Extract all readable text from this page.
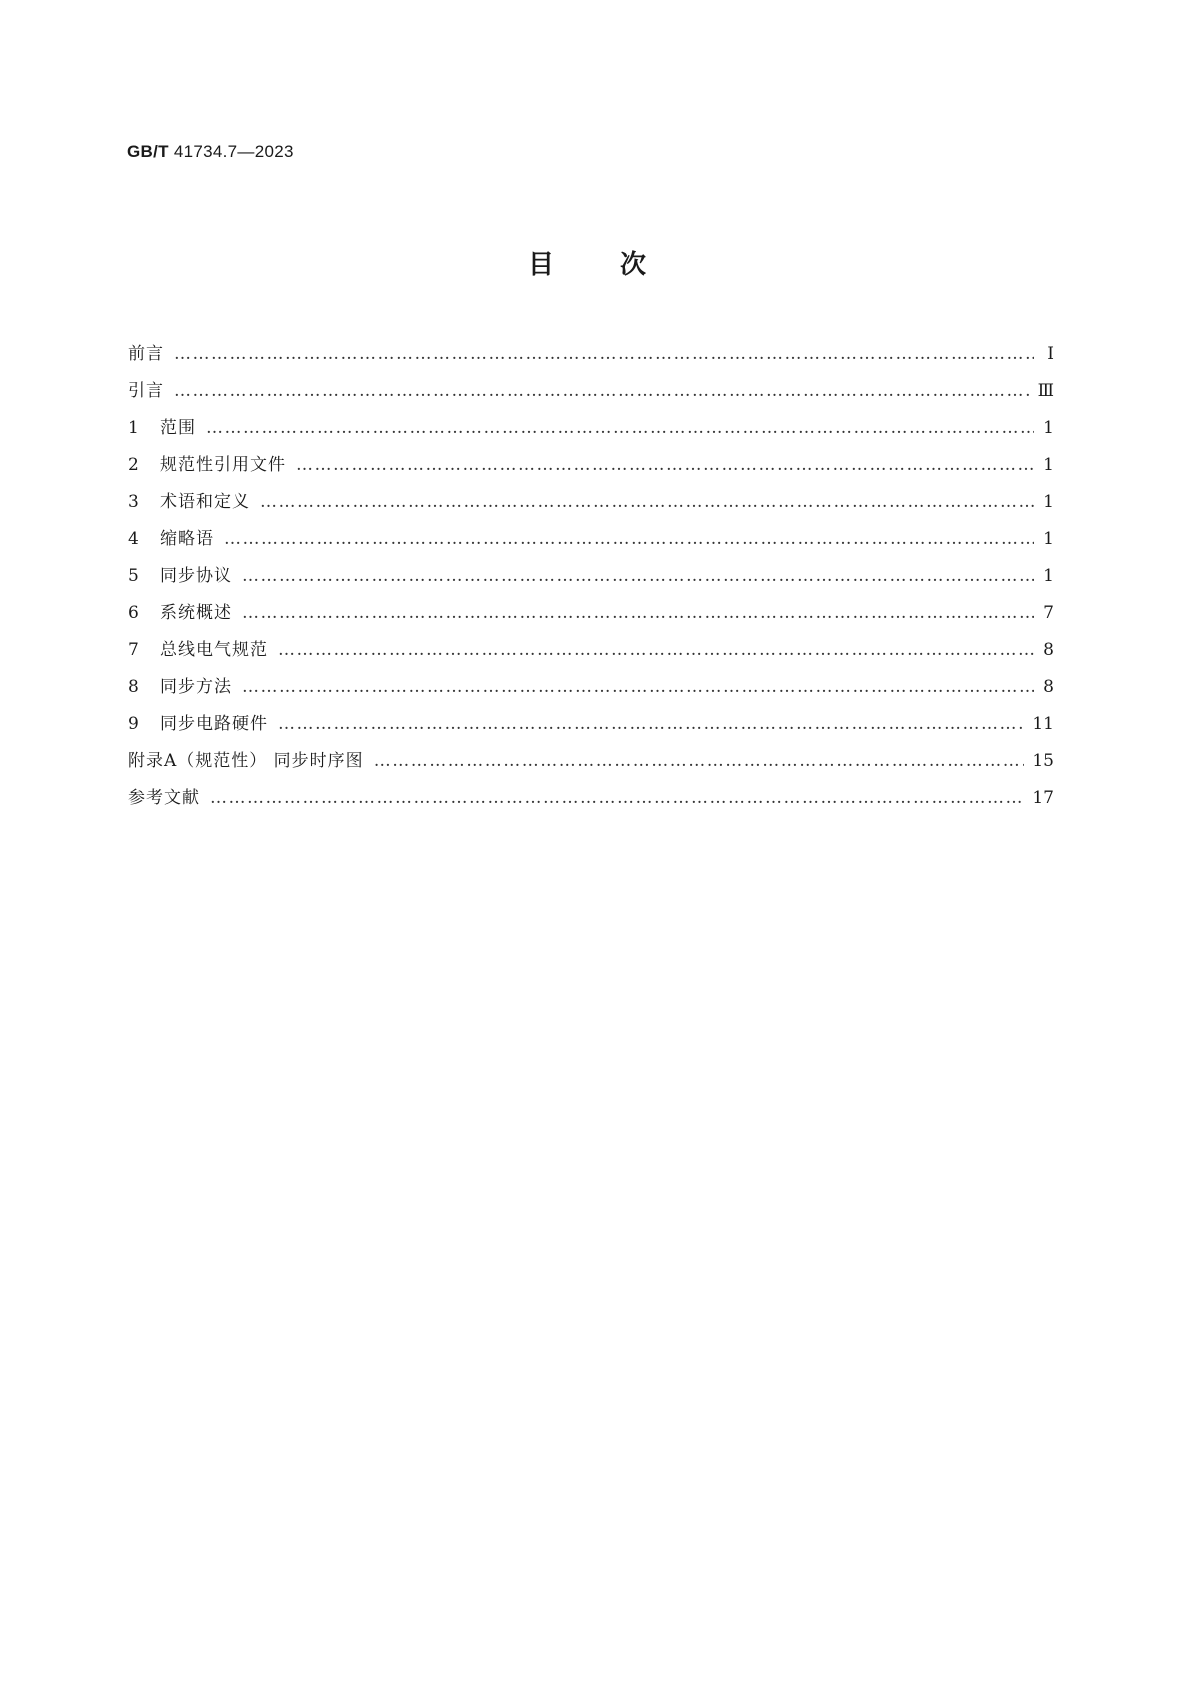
GB/T 41734.7—2023
目次
前言 ………………………………………………………………………………………………………………………………………………………………………………………………………………………………………………	Ⅰ
引言 ………………………………………………………………………………………………………………………………………………………………………………………………………………………………………………	Ⅲ
1	范围 ………………………………………………………………………………………………………………………………………………………………………………………………………………………………………………	1
2	规范性引用文件 ………………………………………………………………………………………………………………………………………………………………………………………………………………………………………………	1
3	术语和定义 ………………………………………………………………………………………………………………………………………………………………………………………………………………………………………………	1
4	缩略语 ………………………………………………………………………………………………………………………………………………………………………………………………………………………………………………	1
5	同步协议 ………………………………………………………………………………………………………………………………………………………………………………………………………………………………………………	1
6	系统概述 ………………………………………………………………………………………………………………………………………………………………………………………………………………………………………………	7
7	总线电气规范 ………………………………………………………………………………………………………………………………………………………………………………………………………………………………………………	8
8	同步方法 ………………………………………………………………………………………………………………………………………………………………………………………………………………………………………………	8
9	同步电路硬件 ………………………………………………………………………………………………………………………………………………………………………………………………………………………………………………	11
附录A（规范性） 同步时序图 ………………………………………………………………………………………………………………………………………………………………………………………………………………………………………………	15
参考文献 ………………………………………………………………………………………………………………………………………………………………………………………………………………………………………………	17
